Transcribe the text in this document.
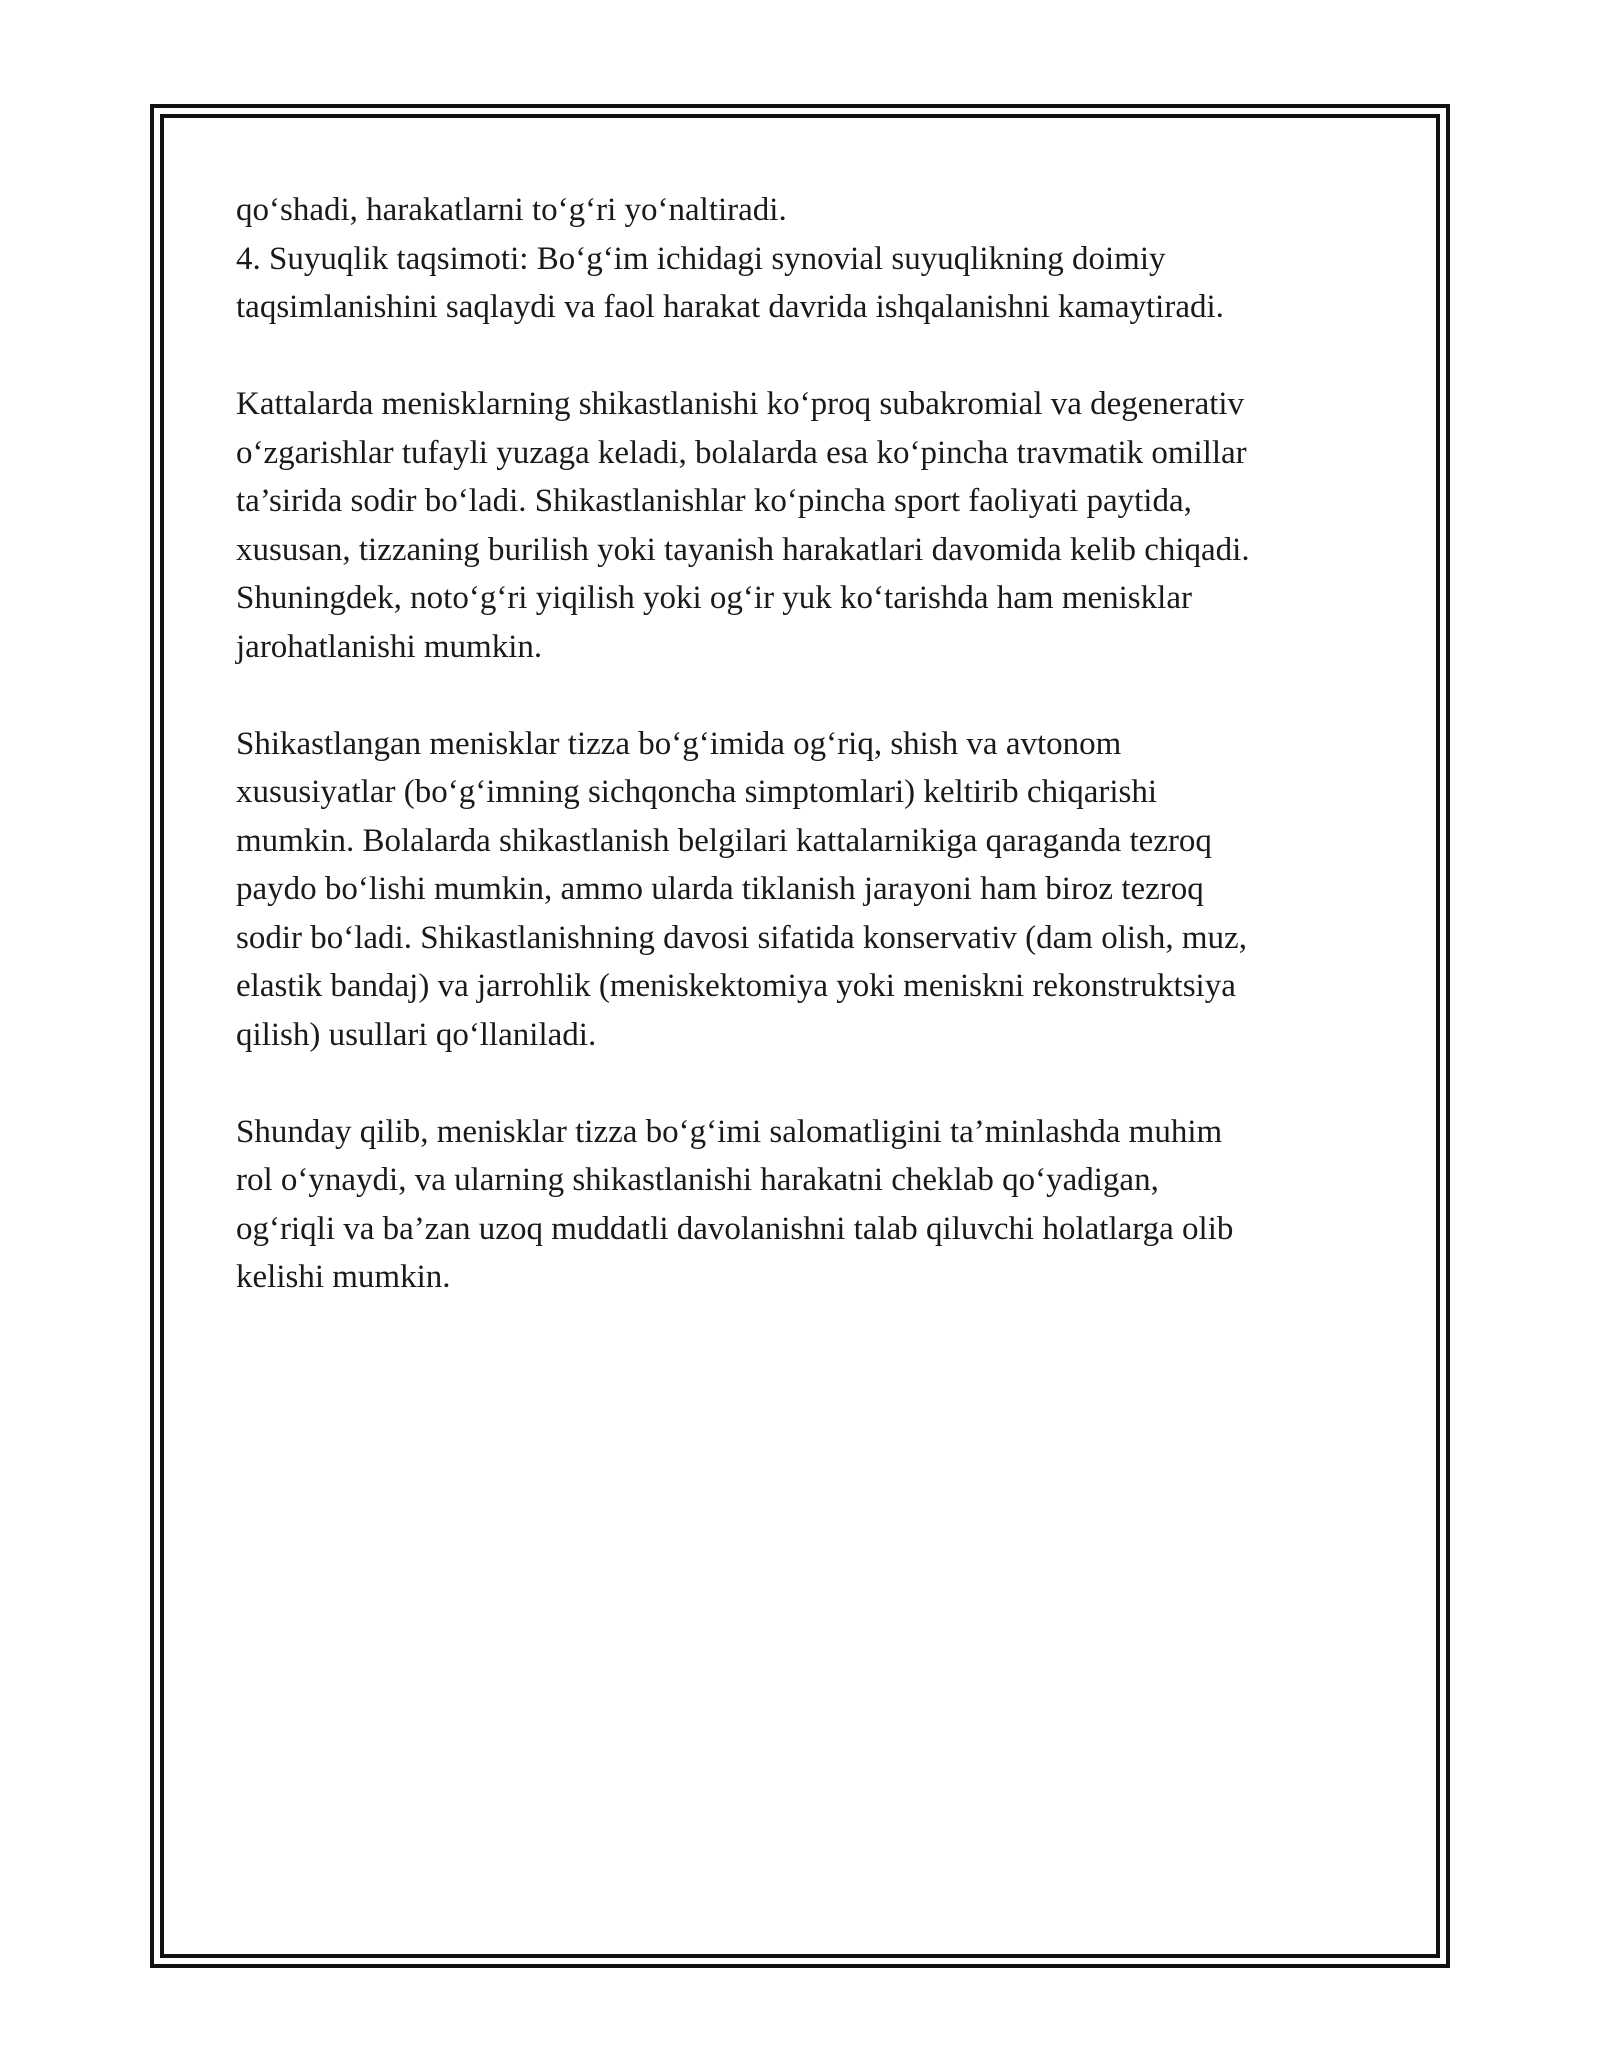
qo‘shadi, harakatlarni to‘g‘ri yo‘naltiradi.

4. Suyuqlik taqsimoti: Bo‘g‘im ichidagi synovial suyuqlikning doimiy
taqsimlanishini saqlaydi va faol harakat davrida ishqalanishni kamaytiradi.

Kattalarda menisklarning shikastlanishi ko‘proq subakromial va degenerativ
o‘zgarishlar tufayli yuzaga keladi, bolalarda esa ko‘pincha travmatik omillar
ta’sirida sodir bo‘ladi. Shikastlanishlar ko‘pincha sport faoliyati paytida,
xususan, tizzaning burilish yoki tayanish harakatlari davomida kelib chiqadi.
Shuningdek, noto‘g‘ri yiqilish yoki og‘ir yuk ko‘tarishda ham menisklar
jarohatlanishi mumkin.

Shikastlangan menisklar tizza bo‘g‘imida og‘riq, shish va avtonom
xususiyatlar (bo‘g‘imning sichqoncha simptomlari) keltirib chiqarishi
mumkin. Bolalarda shikastlanish belgilari kattalarnikiga qaraganda tezroq
paydo bo‘lishi mumkin, ammo ularda tiklanish jarayoni ham biroz tezroq
sodir bo‘ladi. Shikastlanishning davosi sifatida konservativ (dam olish, muz,
elastik bandaj) va jarrohlik (meniskektomiya yoki meniskni rekonstruktsiya
qilish) usullari qo‘llaniladi.

Shunday qilib, menisklar tizza bo‘g‘imi salomatligini ta’minlashda muhim
rol o‘ynaydi, va ularning shikastlanishi harakatni cheklab qo‘yadigan,
og‘riqli va ba’zan uzoq muddatli davolanishni talab qiluvchi holatlarga olib
kelishi mumkin.
